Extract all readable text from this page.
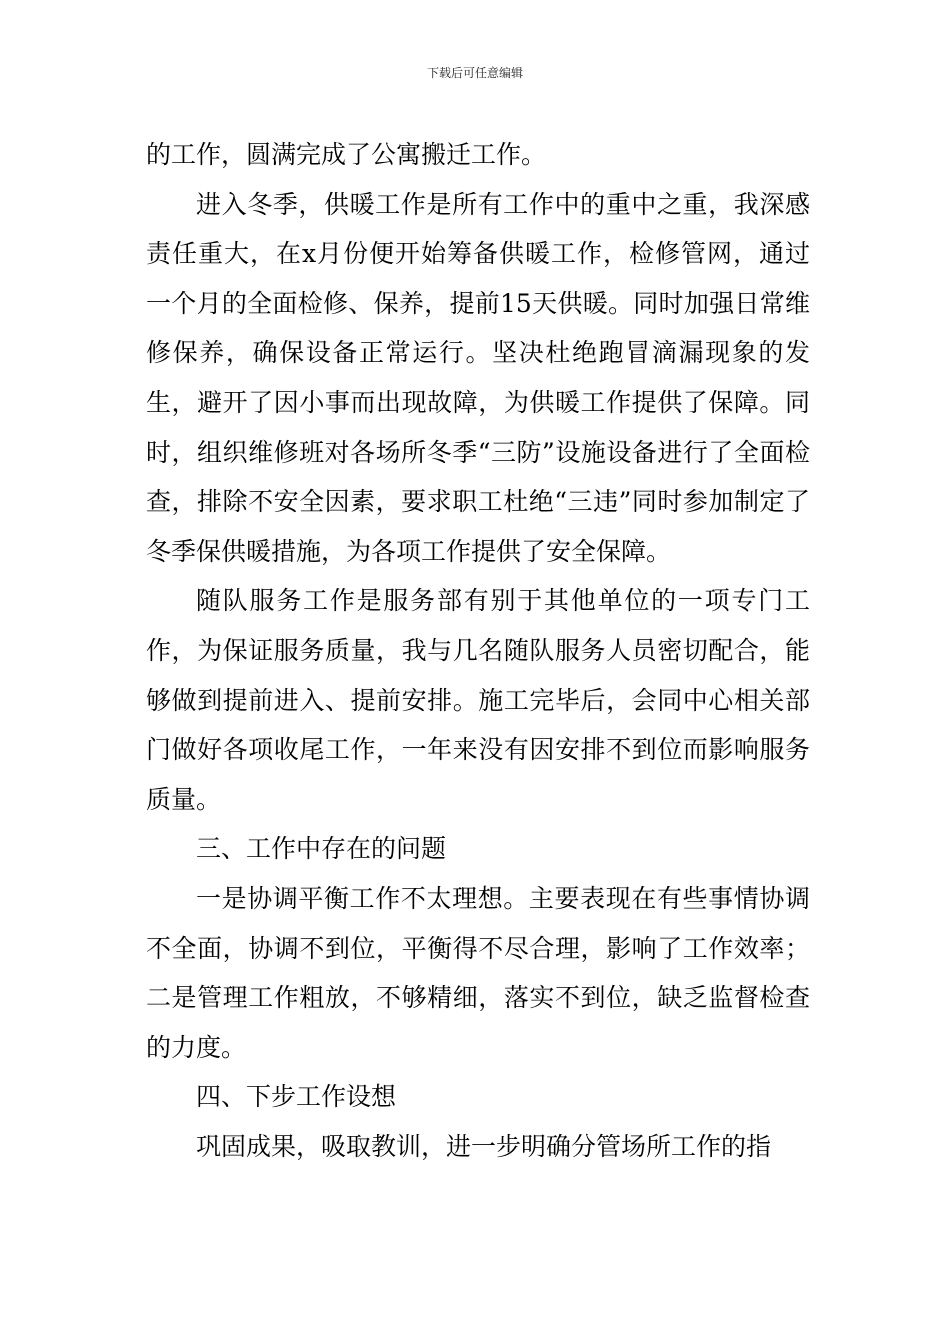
下载后可任意编辑

的工作，圆满完成了公寓搬迁工作。

进入冬季，供暖工作是所有工作中的重中之重，我深感责任重大，在x月份便开始筹备供暖工作，检修管网，通过一个月的全面检修、保养，提前15天供暖。同时加强日常维修保养，确保设备正常运行。坚决杜绝跑冒滴漏现象的发生，避开了因小事而出现故障，为供暖工作提供了保障。同时，组织维修班对各场所冬季“三防”设施设备进行了全面检查，排除不安全因素，要求职工杜绝“三违”同时参加制定了冬季保供暖措施，为各项工作提供了安全保障。

随队服务工作是服务部有别于其他单位的一项专门工作，为保证服务质量，我与几名随队服务人员密切配合，能够做到提前进入、提前安排。施工完毕后，会同中心相关部门做好各项收尾工作，一年来没有因安排不到位而影响服务质量。

三、工作中存在的问题

一是协调平衡工作不太理想。主要表现在有些事情协调不全面，协调不到位，平衡得不尽合理，影响了工作效率；二是管理工作粗放，不够精细，落实不到位，缺乏监督检查的力度。

四、下步工作设想

巩固成果，吸取教训，进一步明确分管场所工作的指
